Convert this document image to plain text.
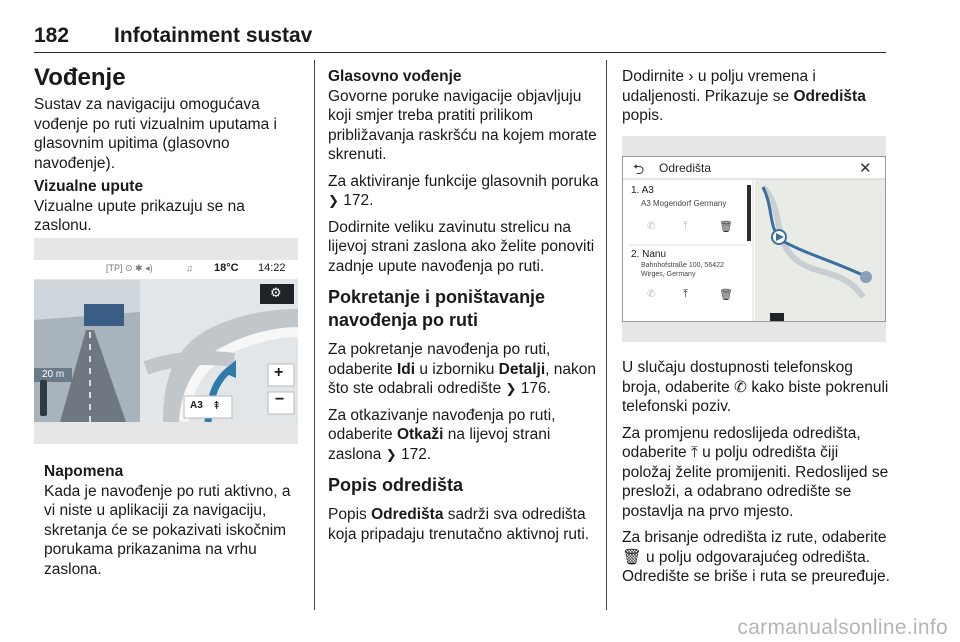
182 Infotainment sustav
Vođenje

Sustav za navigaciju omogućava vođenje po ruti vizualnim uputama i glasovnim upitima (glasovno navođenje).

Vizualne upute

Vizualne upute prikazuju se na zaslonu.

[TP] ⊙ ✱ ◂)	♫ 18°C 14:22
⚙
20 m	+
−
A3 ⇞
Napomena

Kada je navođenje po ruti aktivno, a vi niste u aplikaciji za navigaciju, skretanja će se pokazivati iskočnim porukama prikazanima na vrhu zaslona.

Glasovno vođenje

Govorne poruke navigacije objavljuju koji smjer treba pratiti prilikom približavanja raskršću na kojem morate skrenuti.

Za aktiviranje funkcije glasovnih poruka ❯ 172.

Dodirnite veliku zavinutu strelicu na lijevoj strani zaslona ako želite ponoviti zadnje upute navođenja po ruti.

Pokretanje i poništavanje navođenja po ruti

Za pokretanje navođenja po ruti, odaberite Idi u izborniku Detalji, nakon što ste odabrali odredište ❯ 176.

Za otkazivanje navođenja po ruti, odaberite Otkaži na lijevoj strani zaslona ❯ 172.

Popis odredišta

Popis Odredišta sadrži sva odredišta koja pripadaju trenutačno aktivnoj ruti.

Dodirnite › u polju vremena i udaljenosti. Prikazuje se Odredišta popis.

⮌ Odredišta	✕
1. A3
A3 Mogendorf Germany
✆	⤒	🗑
2. Nanu
Bahnhofstraße 100, 56422
Wirges, Germany
✆	⤒	🗑

U slučaju dostupnosti telefonskog broja, odaberite ✆ kako biste pokrenuli telefonski poziv.

Za promjenu redoslijeda odredišta, odaberite ⤒ u polju odredišta čiji položaj želite promijeniti. Redoslijed se presloži, a odabrano odredište se postavlja na prvo mjesto.

Za brisanje odredišta iz rute, odaberite 🗑 u polju odgovarajućeg odredišta. Odredište se briše i ruta se preuređuje.

carmanualsonline.info
